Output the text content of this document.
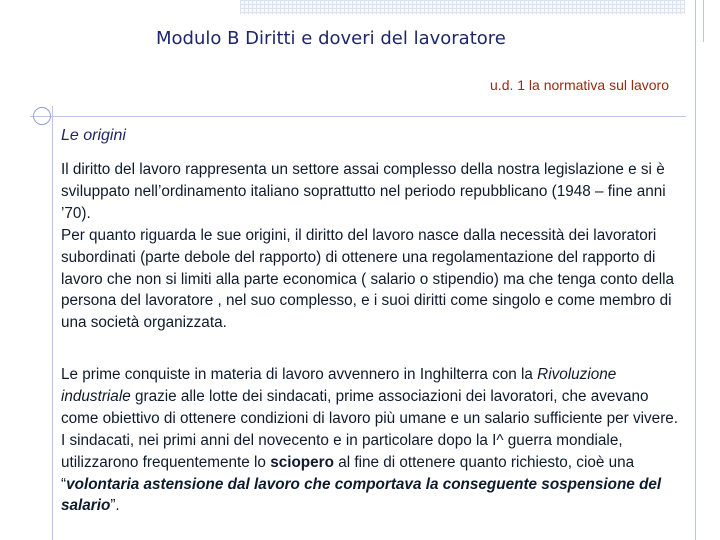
Modulo B Diritti e doveri del lavoratore
u.d. 1 la normativa sul lavoro
Le origini
Il diritto del lavoro rappresenta un settore assai complesso della nostra legislazione e si è sviluppato nell’ordinamento italiano soprattutto nel periodo repubblicano (1948 – fine anni ’70).
Per quanto riguarda le sue origini, il diritto del lavoro nasce dalla necessità dei lavoratori subordinati (parte debole del rapporto) di ottenere una regolamentazione del rapporto di lavoro che non si limiti alla parte economica ( salario o stipendio) ma che tenga conto della persona del lavoratore , nel suo complesso, e i suoi diritti come singolo e come membro di una società organizzata.
Le prime conquiste in materia di lavoro avvennero in Inghilterra con la Rivoluzione industriale grazie alle lotte dei sindacati, prime associazioni dei lavoratori, che avevano come obiettivo di ottenere condizioni di lavoro più umane e un salario sufficiente per vivere.
I sindacati, nei primi anni del novecento e in particolare dopo la I^ guerra mondiale, utilizzarono frequentemente lo sciopero al fine di ottenere quanto richiesto, cioè una “volontaria astensione dal lavoro che comportava la conseguente sospensione del salario”.
